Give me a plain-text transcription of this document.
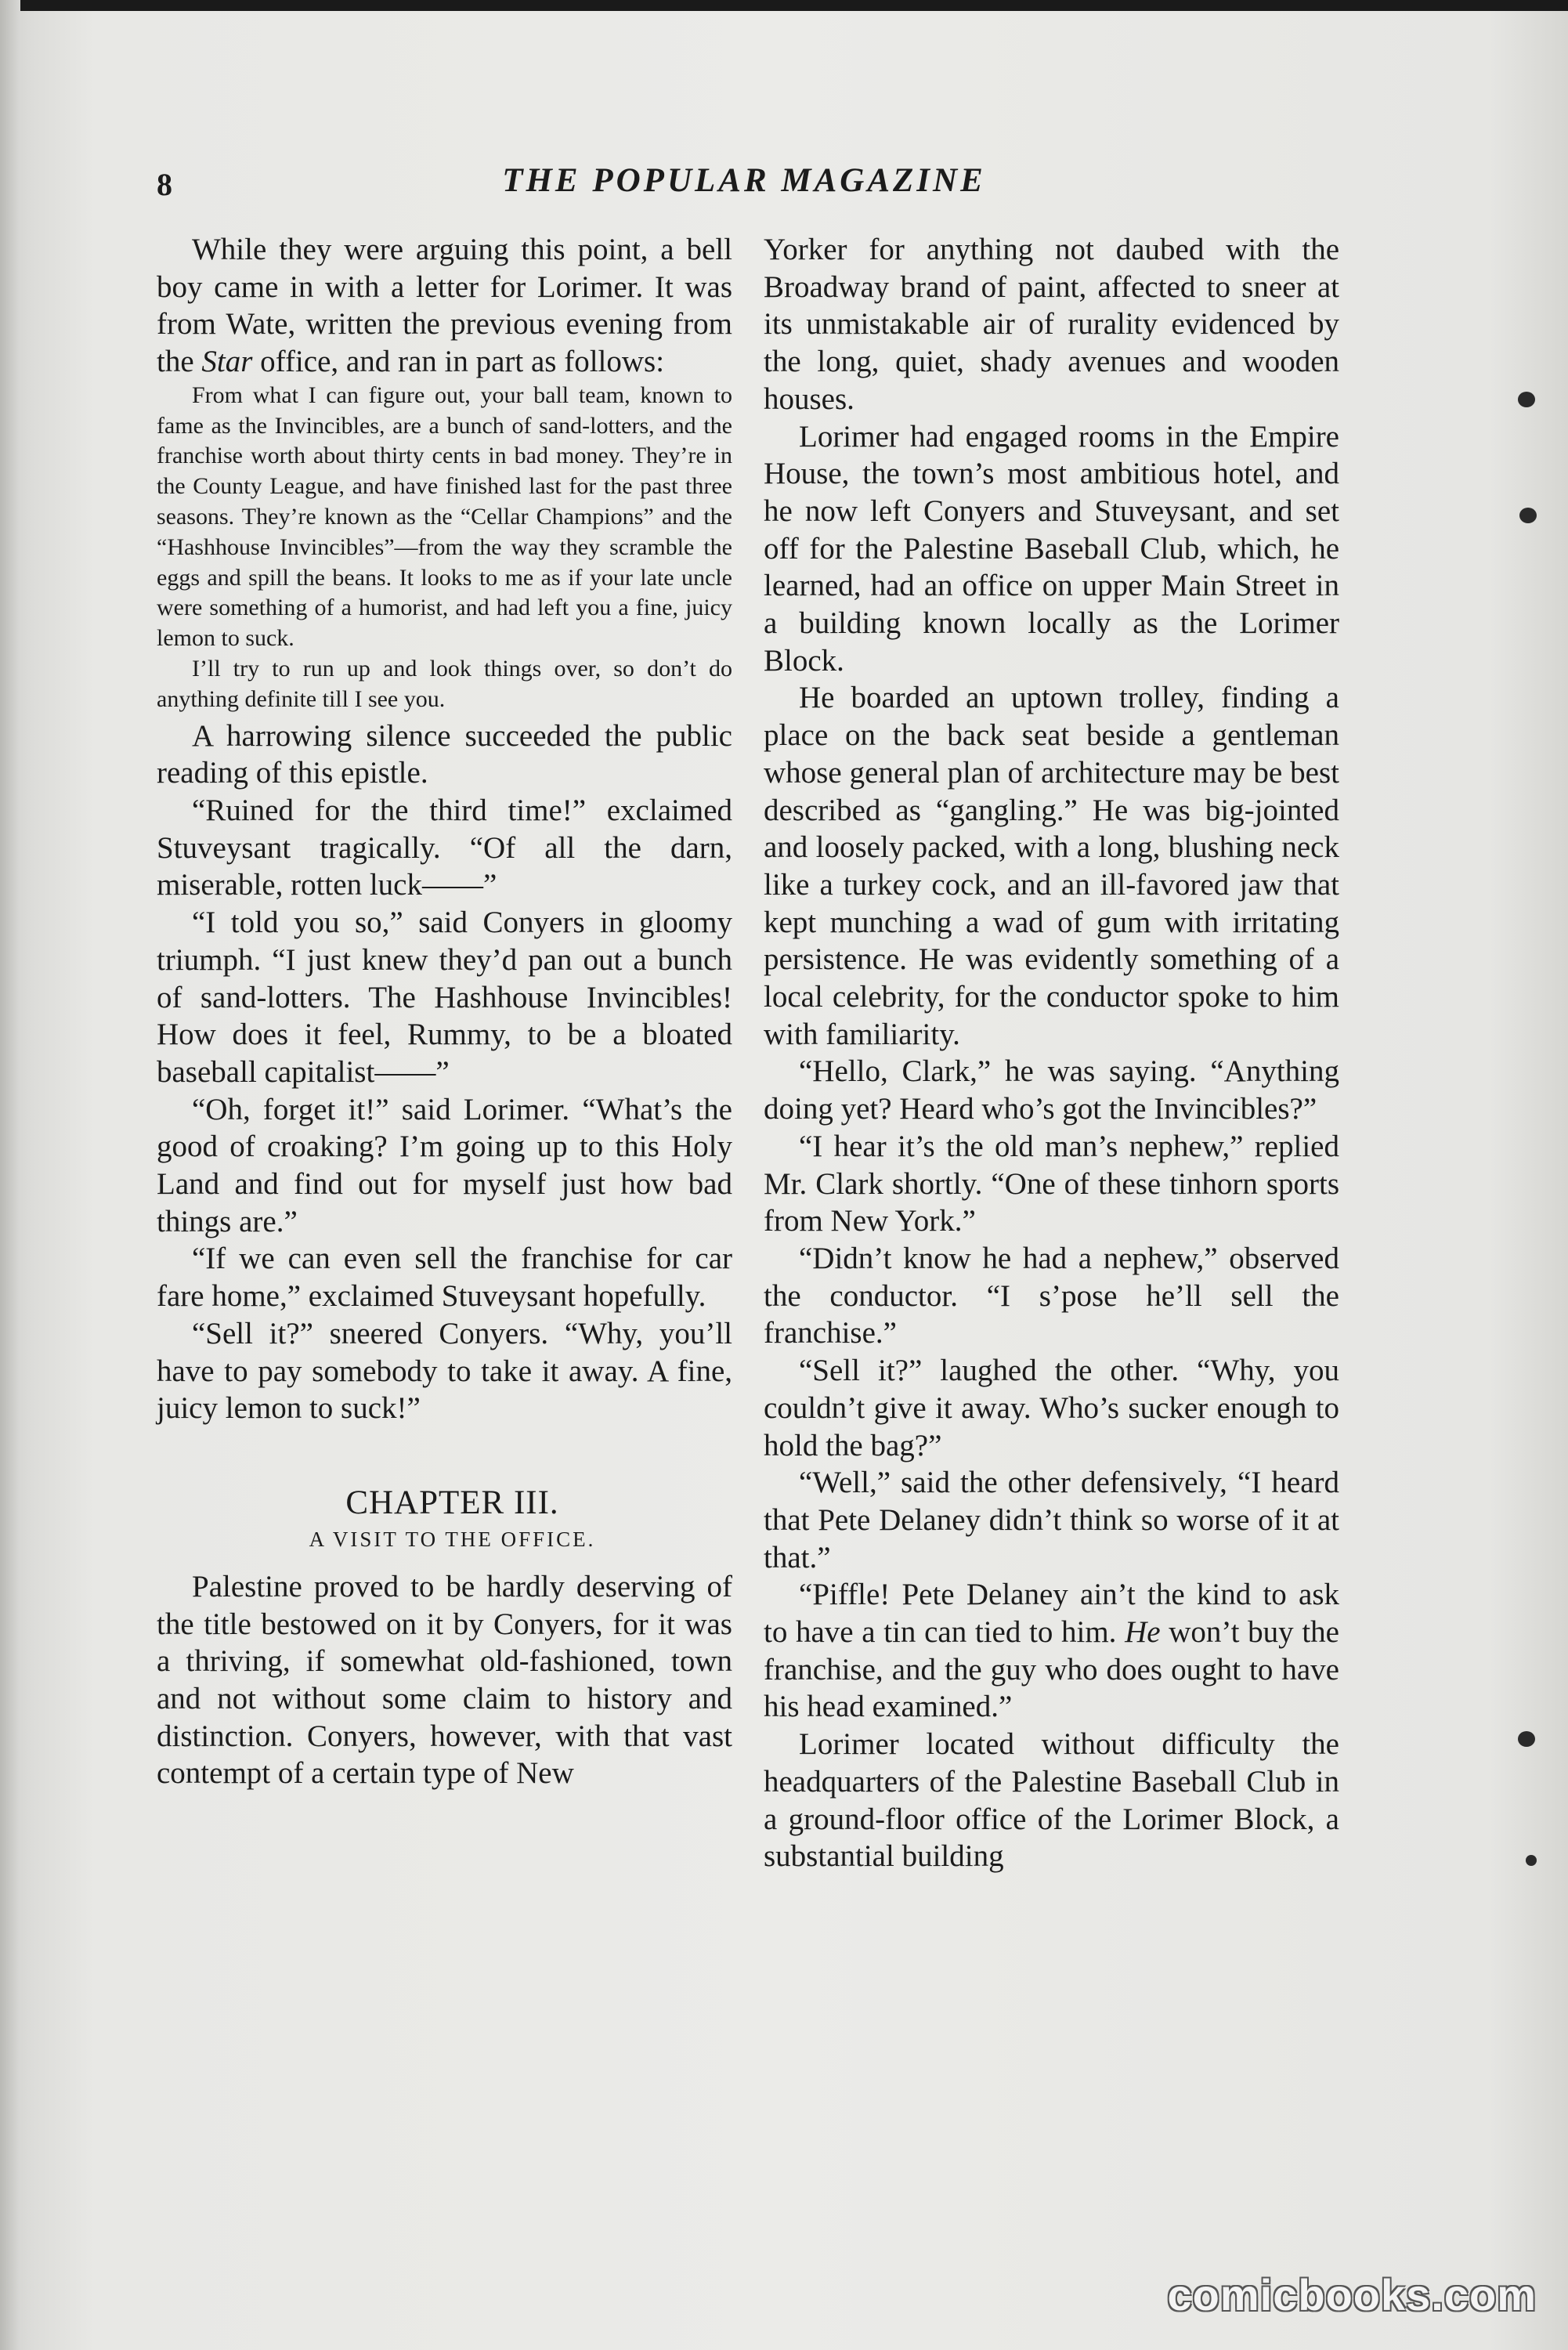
8	THE POPULAR MAGAZINE

While they were arguing this point, a bell boy came in with a letter for Lorimer. It was from Wate, written the previous evening from the Star office, and ran in part as follows:

From what I can figure out, your ball team, known to fame as the Invincibles, are a bunch of sand-lotters, and the franchise worth about thirty cents in bad money. They’re in the County League, and have finished last for the past three seasons. They’re known as the “Cellar Champions” and the “Hashhouse Invincibles”—from the way they scramble the eggs and spill the beans. It looks to me as if your late uncle were something of a humorist, and had left you a fine, juicy lemon to suck.

I’ll try to run up and look things over, so don’t do anything definite till I see you.

A harrowing silence succeeded the public reading of this epistle.

“Ruined for the third time!” exclaimed Stuveysant tragically. “Of all the darn, miserable, rotten luck——”

“I told you so,” said Conyers in gloomy triumph. “I just knew they’d pan out a bunch of sand-lotters. The Hashhouse Invincibles! How does it feel, Rummy, to be a bloated baseball capitalist——”

“Oh, forget it!” said Lorimer. “What’s the good of croaking? I’m going up to this Holy Land and find out for myself just how bad things are.”

“If we can even sell the franchise for car fare home,” exclaimed Stuveysant hopefully.

“Sell it?” sneered Conyers. “Why, you’ll have to pay somebody to take it away. A fine, juicy lemon to suck!”

CHAPTER III.
A VISIT TO THE OFFICE.

Palestine proved to be hardly deserving of the title bestowed on it by Conyers, for it was a thriving, if somewhat old-fashioned, town and not without some claim to history and distinction. Conyers, however, with that vast contempt of a certain type of New

Yorker for anything not daubed with the Broadway brand of paint, affected to sneer at its unmistakable air of rurality evidenced by the long, quiet, shady avenues and wooden houses.

Lorimer had engaged rooms in the Empire House, the town’s most ambitious hotel, and he now left Conyers and Stuveysant, and set off for the Palestine Baseball Club, which, he learned, had an office on upper Main Street in a building known locally as the Lorimer Block.

He boarded an uptown trolley, finding a place on the back seat beside a gentleman whose general plan of architecture may be best described as “gangling.” He was big-jointed and loosely packed, with a long, blushing neck like a turkey cock, and an ill-favored jaw that kept munching a wad of gum with irritating persistence. He was evidently something of a local celebrity, for the conductor spoke to him with familiarity.

“Hello, Clark,” he was saying. “Anything doing yet? Heard who’s got the Invincibles?”

“I hear it’s the old man’s nephew,” replied Mr. Clark shortly. “One of these tinhorn sports from New York.”

“Didn’t know he had a nephew,” observed the conductor. “I s’pose he’ll sell the franchise.”

“Sell it?” laughed the other. “Why, you couldn’t give it away. Who’s sucker enough to hold the bag?”

“Well,” said the other defensively, “I heard that Pete Delaney didn’t think so worse of it at that.”

“Piffle! Pete Delaney ain’t the kind to ask to have a tin can tied to him. He won’t buy the franchise, and the guy who does ought to have his head examined.”

Lorimer located without difficulty the headquarters of the Palestine Baseball Club in a ground-floor office of the Lorimer Block, a substantial building

comicbooks.com
